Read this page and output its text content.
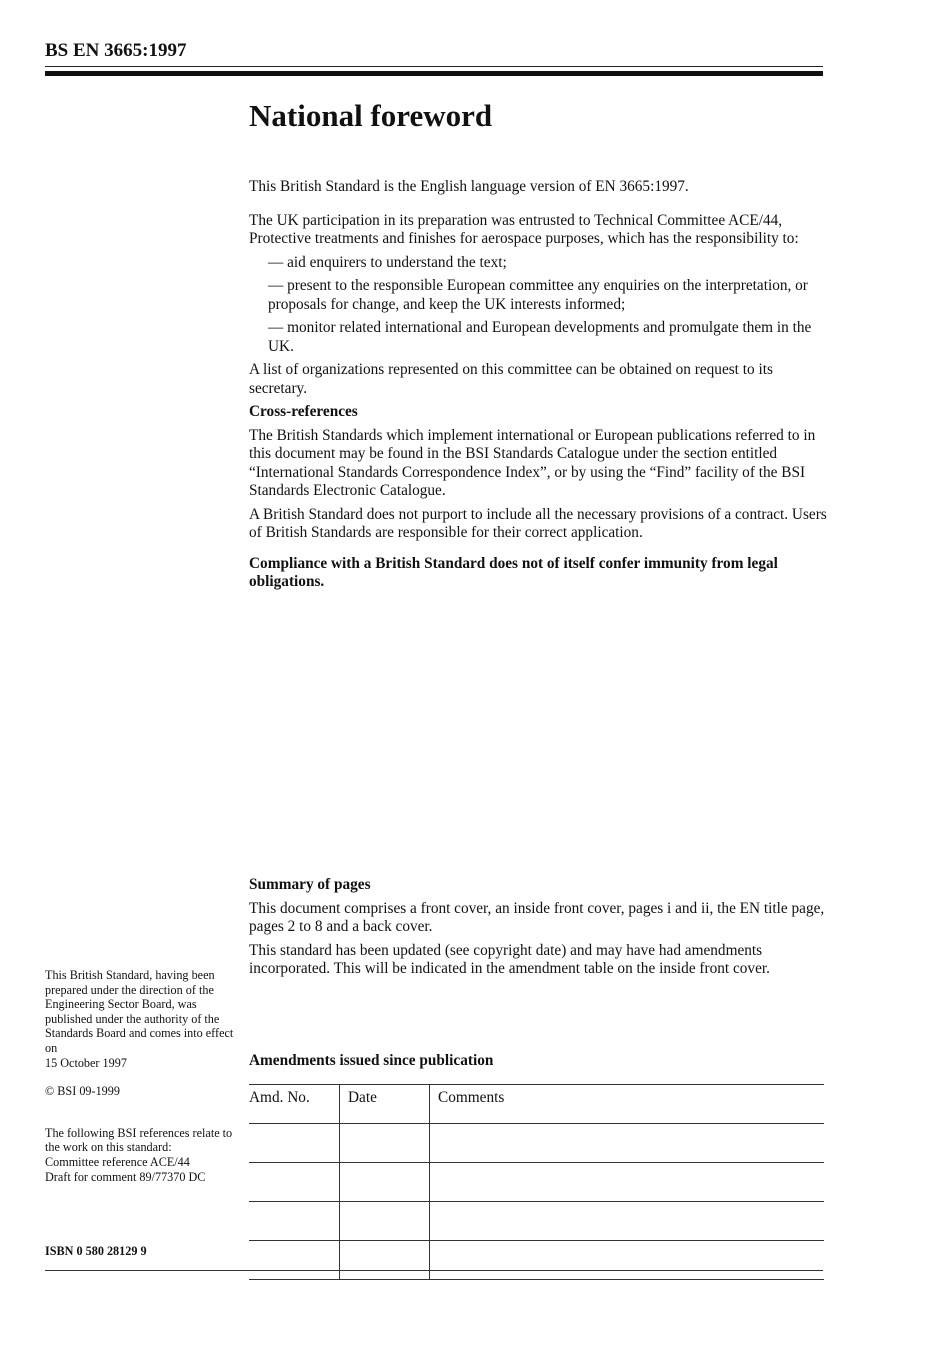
BS EN 3665:1997

National foreword

This British Standard is the English language version of EN 3665:1997.

The UK participation in its preparation was entrusted to Technical Committee ACE/44, Protective treatments and finishes for aerospace purposes, which has the responsibility to:

— aid enquirers to understand the text;

— present to the responsible European committee any enquiries on the interpretation, or proposals for change, and keep the UK interests informed;

— monitor related international and European developments and promulgate them in the UK.

A list of organizations represented on this committee can be obtained on request to its secretary.

Cross-references

The British Standards which implement international or European publications referred to in this document may be found in the BSI Standards Catalogue under the section entitled “International Standards Correspondence Index”, or by using the “Find” facility of the BSI Standards Electronic Catalogue.

A British Standard does not purport to include all the necessary provisions of a contract. Users of British Standards are responsible for their correct application.

Compliance with a British Standard does not of itself confer immunity from legal obligations.

Summary of pages

This document comprises a front cover, an inside front cover, pages i and ii, the EN title page, pages 2 to 8 and a back cover.

This standard has been updated (see copyright date) and may have had amendments incorporated. This will be indicated in the amendment table on the inside front cover.

This British Standard, having been prepared under the direction of the Engineering Sector Board, was published under the authority of the Standards Board and comes into effect on
15 October 1997

© BSI 09-1999

The following BSI references relate to the work on this standard:
Committee reference ACE/44
Draft for comment 89/77370 DC

ISBN 0 580 28129 9

Amendments issued since publication

Amd. No.	Date	Comments
